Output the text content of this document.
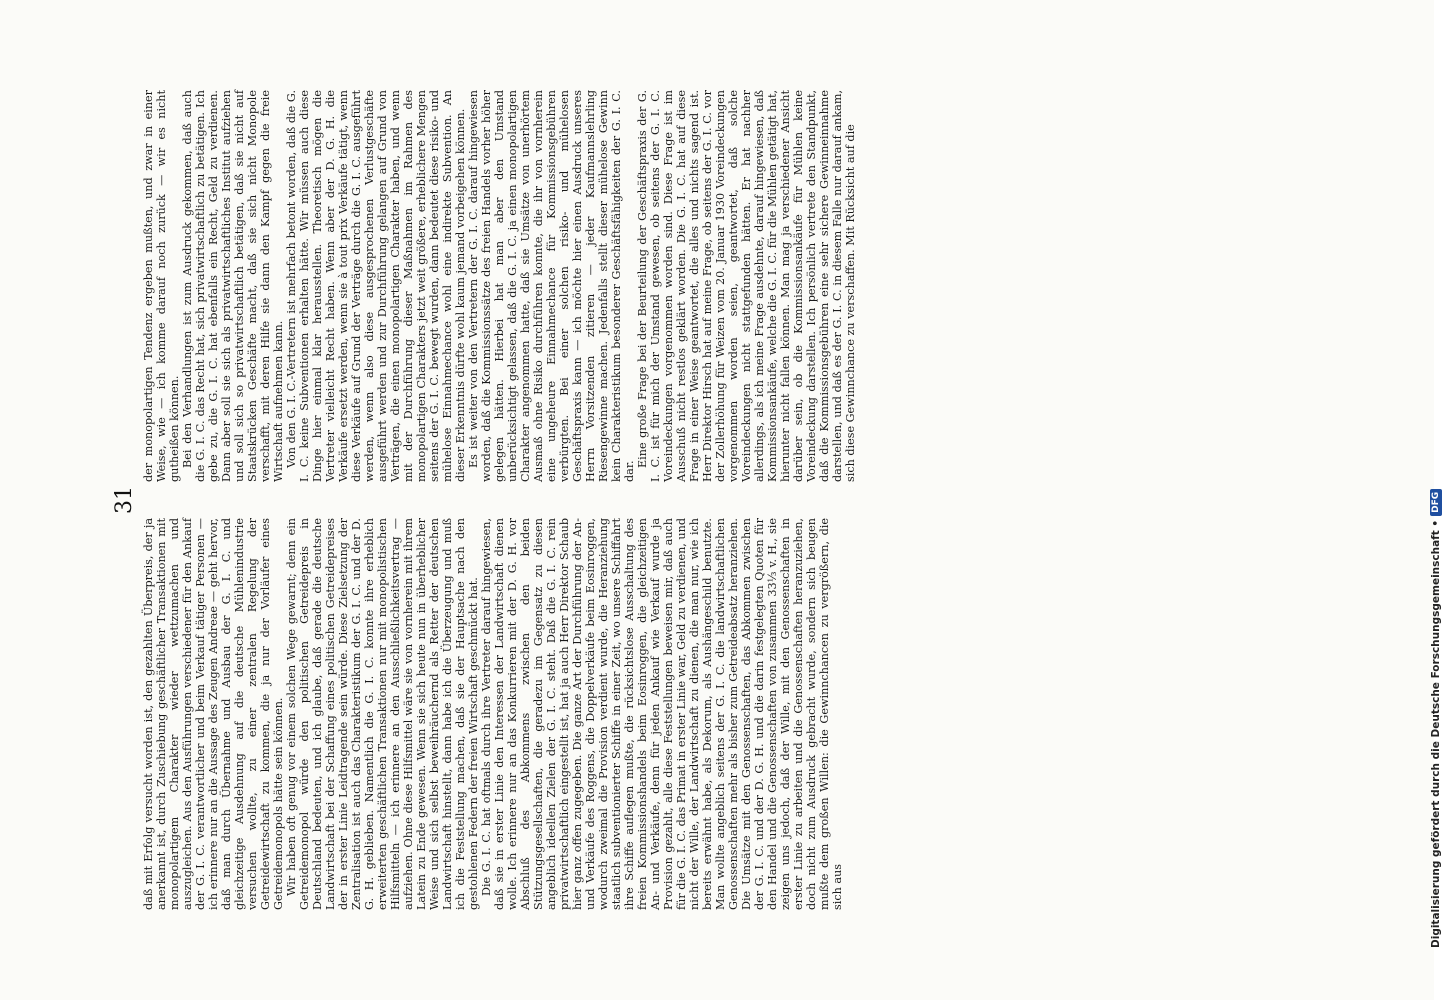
31

daß mit Erfolg versucht worden ist, den gezahlten Überpreis, der ja anerkannt ist, durch Zuschiebung geschäftlicher Transaktionen mit monopolartigem Charakter wieder wettzumachen und auszugleichen. Aus den Ausführungen verschiedener für den Ankauf der G. I. C. verantwortlicher und beim Verkauf tätiger Personen — ich erinnere nur an die Aussage des Zeugen Andreae — geht hervor, daß man durch Übernahme und Ausbau der G. I. C. und gleichzeitige Ausdehnung auf die deutsche Mühlenindustrie versuchen wollte, zu einer zentralen Regelung der Getreidewirtschaft zu kommen, die ja nur der Vorläufer eines Getreidemonopols hätte sein können. Wir haben oft genug vor einem solchen Wege gewarnt; denn ein Getreidemonopol würde den politischen Getreidepreis in Deutschland bedeuten, und ich glaube, daß gerade die deutsche Landwirtschaft bei der Schaffung eines politischen Getreidepreises der in erster Linie Leidtragende sein würde. Diese Zielsetzung der Zentralisation ist auch das Charakteristikum der G. I. C. und der D. G. H. geblieben. Namentlich die G. I. C. konnte ihre erheblich erweiterten geschäftlichen Transaktionen nur mit monopolistischen Hilfsmitteln — ich erinnere an den Ausschließlichkeitsvertrag — aufziehen. Ohne diese Hilfsmittel wäre sie von vornherein mit ihrem Latein zu Ende gewesen. Wenn sie sich heute nun in überheblicher Weise und sich selbst beweihräuchernd als Retter der deutschen Landwirtschaft hinstellt, dann habe ich die Überzeugung und muß ich die Feststellung machen, daß sie der Hauptsache nach den gestohlenen Federn der freien Wirtschaft geschmückt hat. Die G. I. C. hat oftmals durch ihre Vertreter darauf hingewiesen, daß sie in erster Linie den Interessen der Landwirtschaft dienen wolle. Ich erinnere nur an das Konkurrieren mit der D. G. H. vor Abschluß des Abkommens zwischen den beiden Stützungsgesellschaften, die geradezu im Gegensatz zu diesen angeblich ideellen Zielen der G. I. C. steht. Daß die G. I. C. rein privatwirtschaftlich eingestellt ist, hat ja auch Herr Direktor Schaub hier ganz offen zugegeben. Die ganze Art der Durchführung der An- und Verkäufe des Roggens, die Doppelverkäufe beim Eosinroggen, wodurch zweimal die Provision verdient wurde, die Heranziehung staatlich subventionierter Schiffe in einer Zeit, wo unsere Schiffahrt ihre Schiffe auflegen mußte, die rücksichtslose Ausschaltung des freien Kommissionshandels beim Eosinroggen, die gleichzeitigen An- und Verkäufe, denn für jeden Ankauf wie Verkauf wurde ja Provision gezahlt, alle diese Feststellungen beweisen mir, daß auch für die G. I. C. das Primat in erster Linie war, Geld zu verdienen, und nicht der Wille, der Landwirtschaft zu dienen, die man nur, wie ich bereits erwähnt habe, als Dekorum, als Aushängeschild benutzte. Man wollte angeblich seitens der G. I. C. die landwirtschaftlichen Genossenschaften mehr als bisher zum Getreideabsatz heranziehen. Die Umsätze mit den Genossenschaften, das Abkommen zwischen der G. I. C. und der D. G. H. und die darin festgelegten Quoten für den Handel und die Genossenschaften von zusammen 33⅓ v. H., sie zeigen uns jedoch, daß der Wille, mit den Genossenschaften in erster Linie zu arbeiten und die Genossenschaften heranzuziehen, doch nicht zum Ausdruck gebracht wurde, sondern sich beugen mußte dem großen Willen: die Gewinnchancen zu vergrößern, die sich aus

der monopolartigen Tendenz ergeben mußten, und zwar in einer Weise, wie — ich komme darauf noch zurück — wir es nicht gutheißen können. Bei den Verhandlungen ist zum Ausdruck gekommen, daß auch die G. I. C. das Recht hat, sich privatwirtschaftlich zu betätigen. Ich gebe zu, die G. I. C. hat ebenfalls ein Recht, Geld zu verdienen. Dann aber soll sie sich als privatwirtschaftliches Institut aufziehen und soll sich so privatwirtschaftlich betätigen, daß sie nicht auf Staatskrücken Geschäfte macht, daß sie sich nicht Monopole verschafft, mit deren Hilfe sie dann den Kampf gegen die freie Wirtschaft aufnehmen kann. Von den G. I. C.-Vertretern ist mehrfach betont worden, daß die G. I. C. keine Subventionen erhalten hätte. Wir müssen auch diese Dinge hier einmal klar herausstellen. Theoretisch mögen die Vertreter vielleicht Recht haben. Wenn aber der D. G. H. die Verkäufe ersetzt werden, wenn sie à tout prix Verkäufe tätigt, wenn diese Verkäufe auf Grund der Verträge durch die G. I. C. ausgeführt werden, wenn also diese ausgesprochenen Verlustgeschäfte ausgeführt werden und zur Durchführung gelangen auf Grund von Verträgen, die einen monopolartigen Charakter haben, und wenn mit der Durchführung dieser Maßnahmen im Rahmen des monopolartigen Charakters jetzt weit größere, erheblichere Mengen seitens der G. I. C. bewegt wurden, dann bedeutet diese risiko- und mühelose Einnahmechance wohl eine indirekte Subvention. An dieser Erkenntnis dürfte wohl kaum jemand vorbeigehen können. Es ist weiter von den Vertretern der G. I. C. darauf hingewiesen worden, daß die Kommissionssätze des freien Handels vorher höher gelegen hätten. Hierbei hat man aber den Umstand unberücksichtigt gelassen, daß die G. I. C. ja einen monopolartigen Charakter angenommen hatte, daß sie Umsätze von unerhörtem Ausmaß ohne Risiko durchführen konnte, die ihr von vornherein eine ungeheure Einnahmechance für Kommissionsgebühren verbürgten. Bei einer solchen risiko- und mühelosen Geschäftspraxis kann — ich möchte hier einen Ausdruck unseres Herrn Vorsitzenden zitieren — jeder Kaufmannslehrling Riesengewinne machen. Jedenfalls stellt dieser mühelose Gewinn kein Charakteristikum besonderer Geschäftsfähigkeiten der G. I. C. dar.

Eine große Frage bei der Beurteilung der Geschäftspraxis der G. I. C. ist für mich der Umstand gewesen, ob seitens der G. I. C. Voreindeckungen vorgenommen worden sind. Diese Frage ist im Ausschuß nicht restlos geklärt worden. Die G. I. C. hat auf diese Frage in einer Weise geantwortet, die alles und nichts sagend ist. Herr Direktor Hirsch hat auf meine Frage, ob seitens der G. I. C. vor der Zollerhöhung für Weizen vom 20. Januar 1930 Voreindeckungen vorgenommen worden seien, geantwortet, daß solche Voreindeckungen nicht stattgefunden hätten. Er hat nachher allerdings, als ich meine Frage ausdehnte, darauf hingewiesen, daß Kommissionsankäufe, welche die G. I. C. für die Mühlen getätigt hat, hierunter nicht fallen können. Man mag ja verschiedener Ansicht darüber sein, ob die Kommissionsankäufe für Mühlen keine Voreindeckung darstellen. Ich persönlich vertrete den Standpunkt, daß die Kommissionsgebühren eine sehr sichere Gewinneinnahme darstellen, und daß es der G. I. C. in diesem Falle nur darauf ankam, sich diese Gewinnchance zu verschaffen. Mit Rücksicht auf die

Digitalisierung gefördert durch die Deutsche Forschungsgemeinschaft •
DFG
